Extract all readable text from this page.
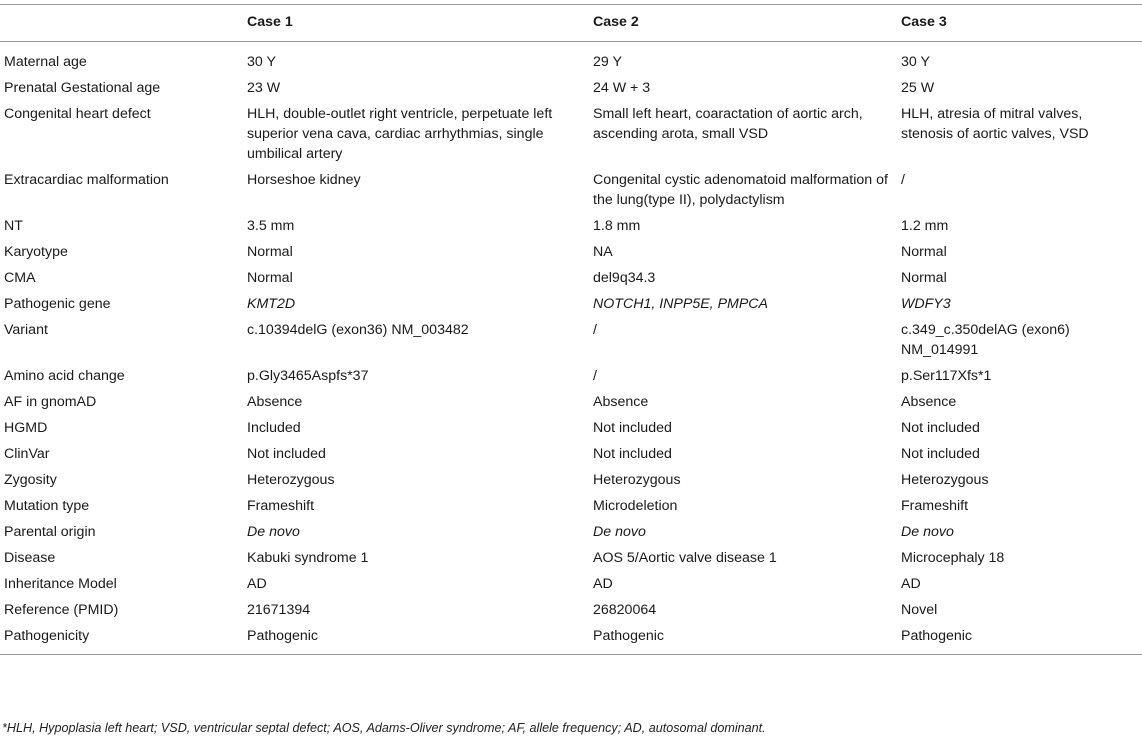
	Case 1	Case 2	Case 3
Maternal age	30 Y	29 Y	30 Y
Prenatal Gestational age	23 W	24 W + 3	25 W
Congenital heart defect	HLH, double-outlet right ventricle, perpetuate left superior vena cava, cardiac arrhythmias, single umbilical artery	Small left heart, coaractation of aortic arch, ascending arota, small VSD	HLH, atresia of mitral valves, stenosis of aortic valves, VSD
Extracardiac malformation	Horseshoe kidney	Congenital cystic adenomatoid malformation of the lung(type II), polydactylism	/
NT	3.5 mm	1.8 mm	1.2 mm
Karyotype	Normal	NA	Normal
CMA	Normal	del9q34.3	Normal
Pathogenic gene	KMT2D	NOTCH1, INPP5E, PMPCA	WDFY3
Variant	c.10394delG (exon36) NM_003482	/	c.349_c.350delAG (exon6) NM_014991
Amino acid change	p.Gly3465Aspfs*37	/	p.Ser117Xfs*1
AF in gnomAD	Absence	Absence	Absence
HGMD	Included	Not included	Not included
ClinVar	Not included	Not included	Not included
Zygosity	Heterozygous	Heterozygous	Heterozygous
Mutation type	Frameshift	Microdeletion	Frameshift
Parental origin	De novo	De novo	De novo
Disease	Kabuki syndrome 1	AOS 5/Aortic valve disease 1	Microcephaly 18
Inheritance Model	AD	AD	AD
Reference (PMID)	21671394	26820064	Novel
Pathogenicity	Pathogenic	Pathogenic	Pathogenic
*HLH, Hypoplasia left heart; VSD, ventricular septal defect; AOS, Adams-Oliver syndrome; AF, allele frequency; AD, autosomal dominant.
